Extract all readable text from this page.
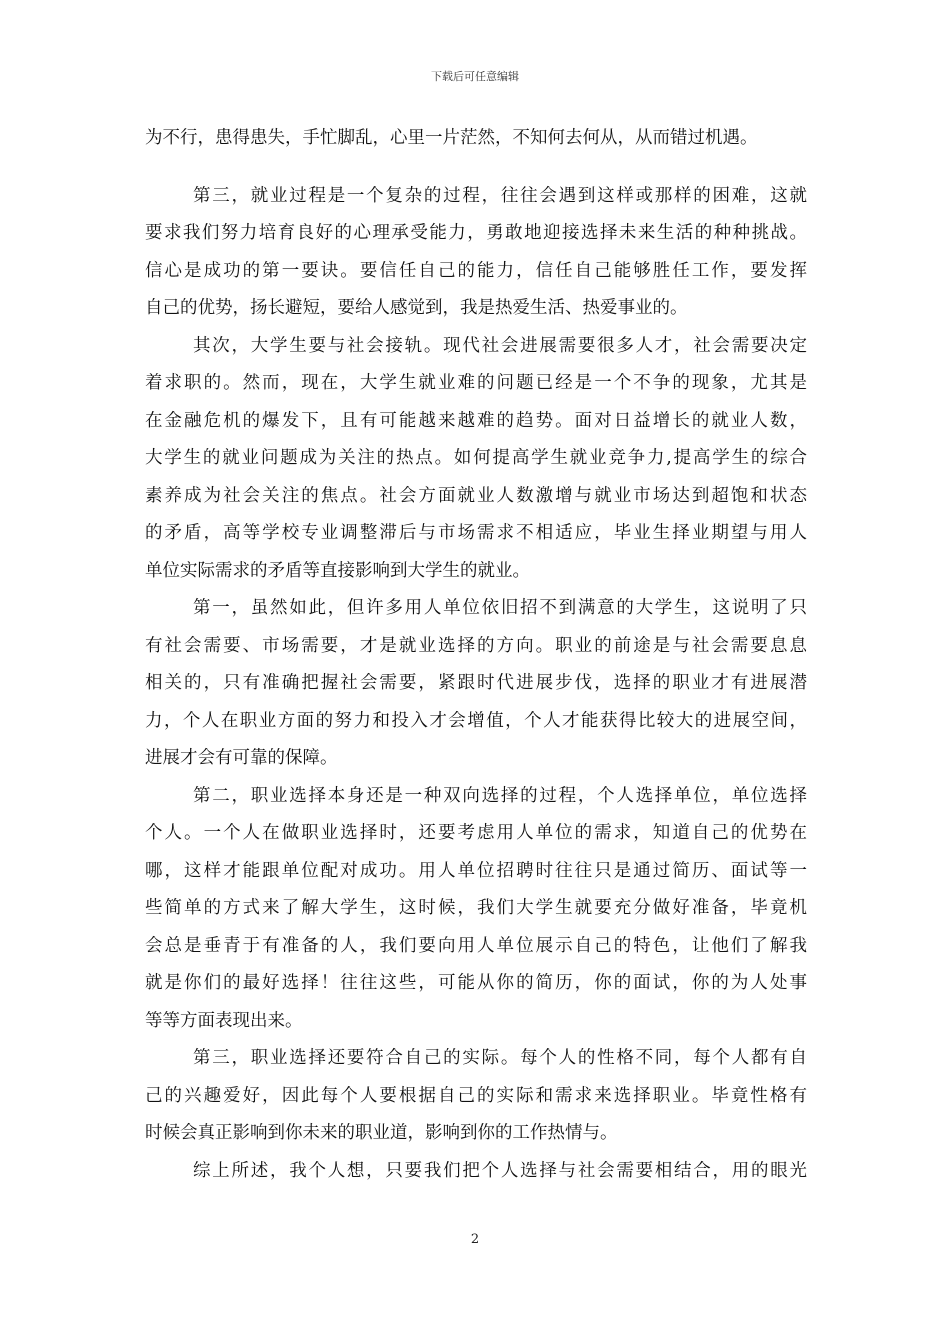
下载后可任意编辑
为不行，患得患失，手忙脚乱，心里一片茫然，不知何去何从，从而错过机遇。
第三，就业过程是一个复杂的过程，往往会遇到这样或那样的困难，这就
要求我们努力培育良好的心理承受能力，勇敢地迎接选择未来生活的种种挑战。
信心是成功的第一要诀。要信任自己的能力，信任自己能够胜任工作，要发挥
自己的优势，扬长避短，要给人感觉到，我是热爱生活、热爱事业的。
其次，大学生要与社会接轨。现代社会进展需要很多人才，社会需要决定
着求职的。然而，现在，大学生就业难的问题已经是一个不争的现象，尤其是
在金融危机的爆发下，且有可能越来越难的趋势。面对日益增长的就业人数，
大学生的就业问题成为关注的热点。如何提高学生就业竞争力,提高学生的综合
素养成为社会关注的焦点。社会方面就业人数激增与就业市场达到超饱和状态
的矛盾，高等学校专业调整滞后与市场需求不相适应，毕业生择业期望与用人
单位实际需求的矛盾等直接影响到大学生的就业。
第一，虽然如此，但许多用人单位依旧招不到满意的大学生，这说明了只
有社会需要、市场需要，才是就业选择的方向。职业的前途是与社会需要息息
相关的，只有准确把握社会需要，紧跟时代进展步伐，选择的职业才有进展潜
力，个人在职业方面的努力和投入才会增值，个人才能获得比较大的进展空间，
进展才会有可靠的保障。
第二，职业选择本身还是一种双向选择的过程，个人选择单位，单位选择
个人。一个人在做职业选择时，还要考虑用人单位的需求，知道自己的优势在
哪，这样才能跟单位配对成功。用人单位招聘时往往只是通过简历、面试等一
些简单的方式来了解大学生，这时候，我们大学生就要充分做好准备，毕竟机
会总是垂青于有准备的人，我们要向用人单位展示自己的特色，让他们了解我
就是你们的最好选择！往往这些，可能从你的简历，你的面试，你的为人处事
等等方面表现出来。
第三，职业选择还要符合自己的实际。每个人的性格不同，每个人都有自
己的兴趣爱好，因此每个人要根据自己的实际和需求来选择职业。毕竟性格有
时候会真正影响到你未来的职业道，影响到你的工作热情与。
综上所述，我个人想，只要我们把个人选择与社会需要相结合，用的眼光
2
